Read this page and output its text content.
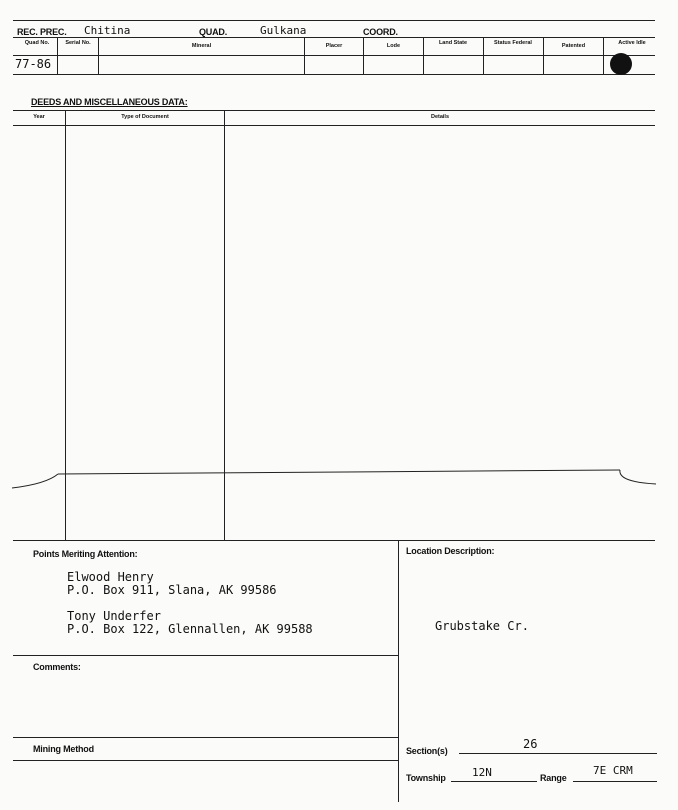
REC. PREC. Chitina	QUAD.	Gulkana	COORD.
Quad No.	Serial No.	Mineral	Placer	Lode	Land State	Status Federal	Patented	Active Idle
77-86
DEEDS AND MISCELLANEOUS DATA:
Year	Type of Document	Details
Points Meriting Attention:
Elwood Henry
P.O. Box 911, Slana, AK 99586
Tony Underfer
P.O. Box 122, Glennallen, AK 99588
Location Description:
Grubstake Cr.
Comments:
Mining Method	Section(s)	26
Township 12N	Range
7E CRM
